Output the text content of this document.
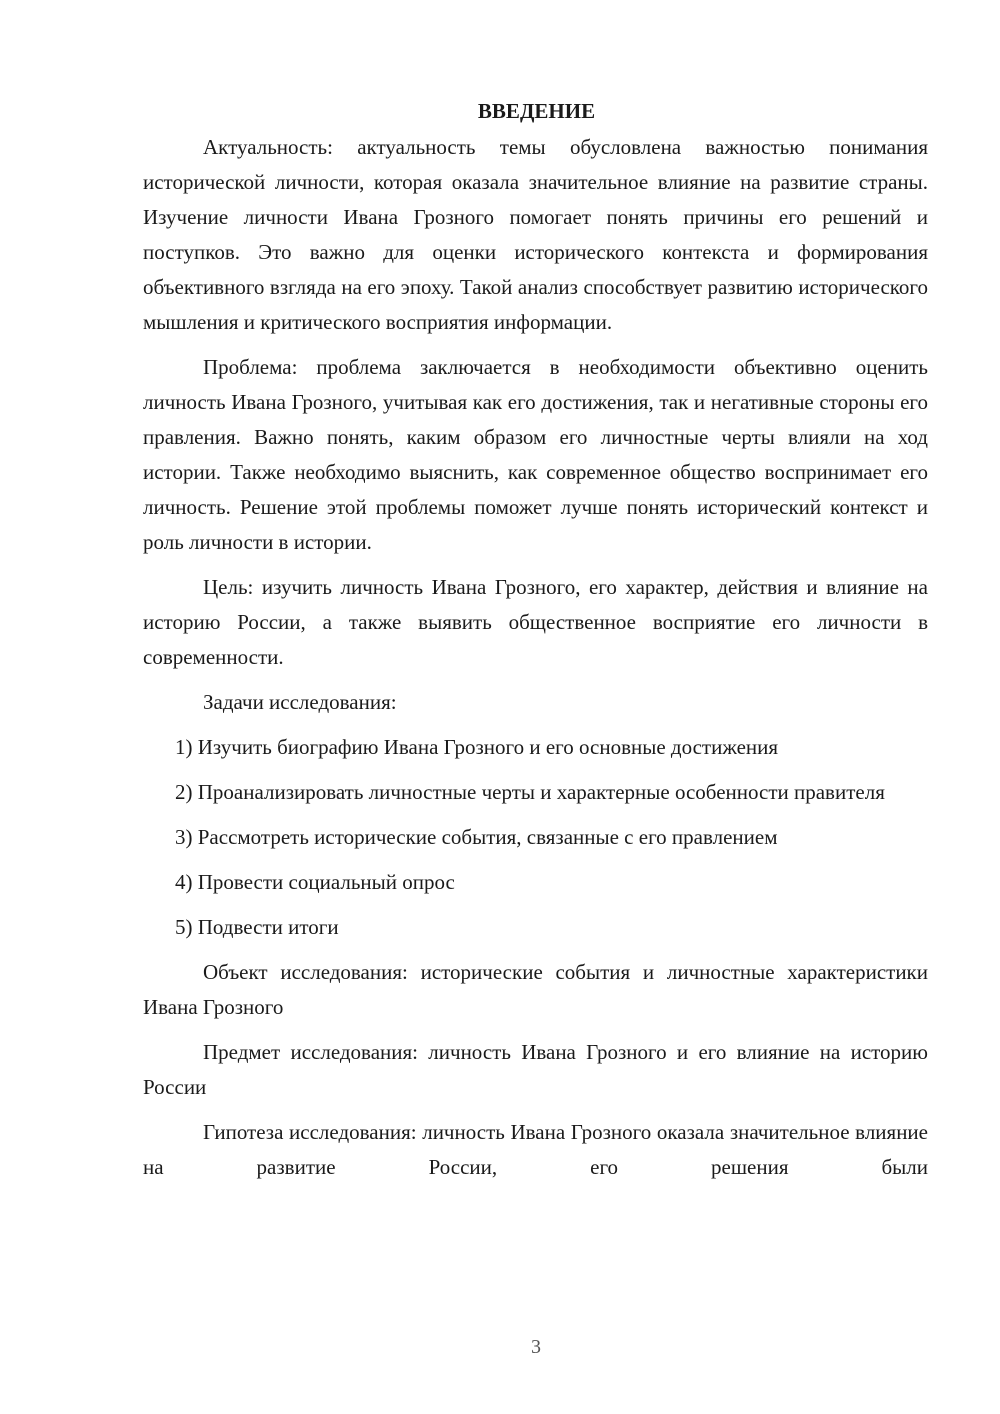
ВВЕДЕНИЕ

Актуальность: актуальность темы обусловлена важностью понимания исторической личности, которая оказала значительное влияние на развитие страны. Изучение личности Ивана Грозного помогает понять причины его решений и поступков. Это важно для оценки исторического контекста и формирования объективного взгляда на его эпоху. Такой анализ способствует развитию исторического мышления и критического восприятия информации.

Проблема: проблема заключается в необходимости объективно оценить личность Ивана Грозного, учитывая как его достижения, так и негативные стороны его правления. Важно понять, каким образом его личностные черты влияли на ход истории. Также необходимо выяснить, как современное общество воспринимает его личность. Решение этой проблемы поможет лучше понять исторический контекст и роль личности в истории.

Цель: изучить личность Ивана Грозного, его характер, действия и влияние на историю России, а также выявить общественное восприятие его личности в современности.

Задачи исследования:

1) Изучить биографию Ивана Грозного и его основные достижения

2) Проанализировать личностные черты и характерные особенности правителя

3) Рассмотреть исторические события, связанные с его правлением

4) Провести социальный опрос

5) Подвести итоги

Объект исследования: исторические события и личностные характеристики Ивана Грозного

Предмет исследования: личность Ивана Грозного и его влияние на историю России

Гипотеза исследования: личность Ивана Грозного оказала значительное влияние на развитие России, его решения были

3
